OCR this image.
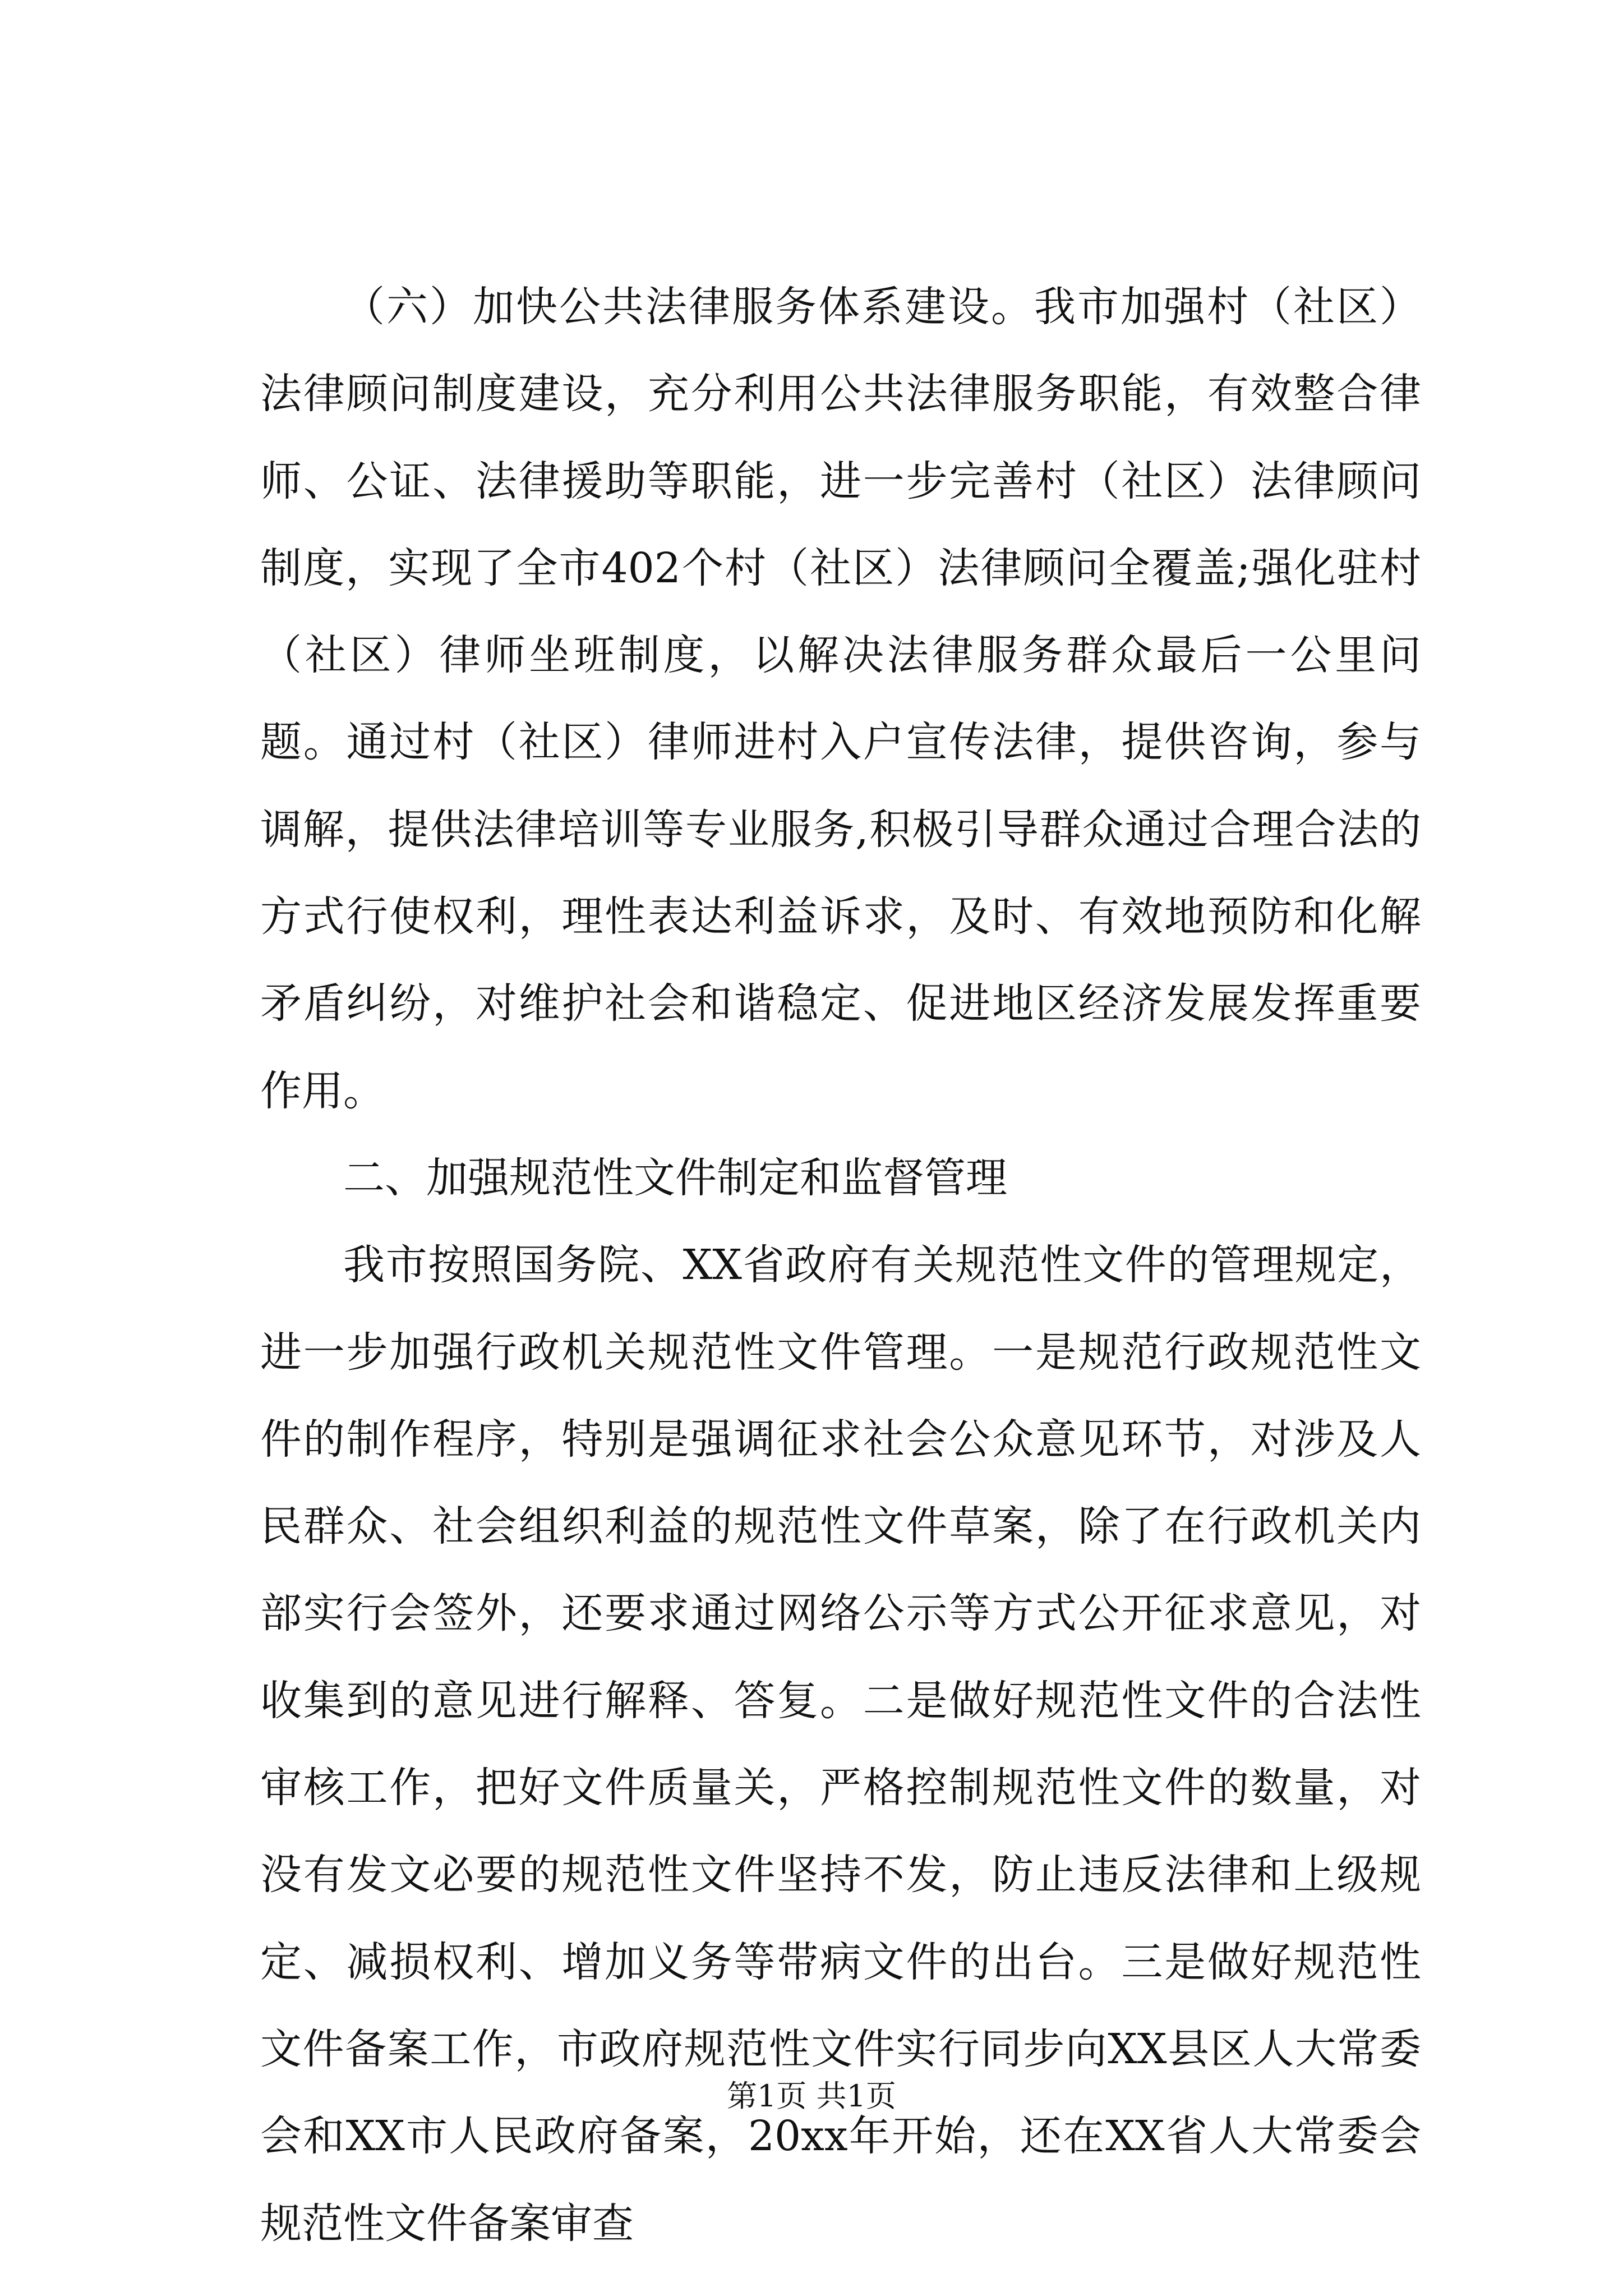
（六）加快公共法律服务体系建设。我市加强村（社区）法律顾问制度建设，充分利用公共法律服务职能，有效整合律师、公证、法律援助等职能，进一步完善村（社区）法律顾问制度，实现了全市402个村（社区）法律顾问全覆盖;强化驻村（社区）律师坐班制度，以解决法律服务群众最后一公里问题。通过村（社区）律师进村入户宣传法律，提供咨询，参与调解，提供法律培训等专业服务,积极引导群众通过合理合法的方式行使权利，理性表达利益诉求，及时、有效地预防和化解矛盾纠纷，对维护社会和谐稳定、促进地区经济发展发挥重要作用。

二、加强规范性文件制定和监督管理

我市按照国务院、XX省政府有关规范性文件的管理规定，进一步加强行政机关规范性文件管理。一是规范行政规范性文件的制作程序，特别是强调征求社会公众意见环节，对涉及人民群众、社会组织利益的规范性文件草案，除了在行政机关内部实行会签外，还要求通过网络公示等方式公开征求意见，对收集到的意见进行解释、答复。二是做好规范性文件的合法性审核工作，把好文件质量关，严格控制规范性文件的数量，对没有发文必要的规范性文件坚持不发，防止违反法律和上级规定、减损权利、增加义务等带病文件的出台。三是做好规范性文件备案工作，市政府规范性文件实行同步向XX县区人大常委会和XX市人民政府备案，20xx年开始，还在XX省人大常委会规范性文件备案审查

第1页 共1页
